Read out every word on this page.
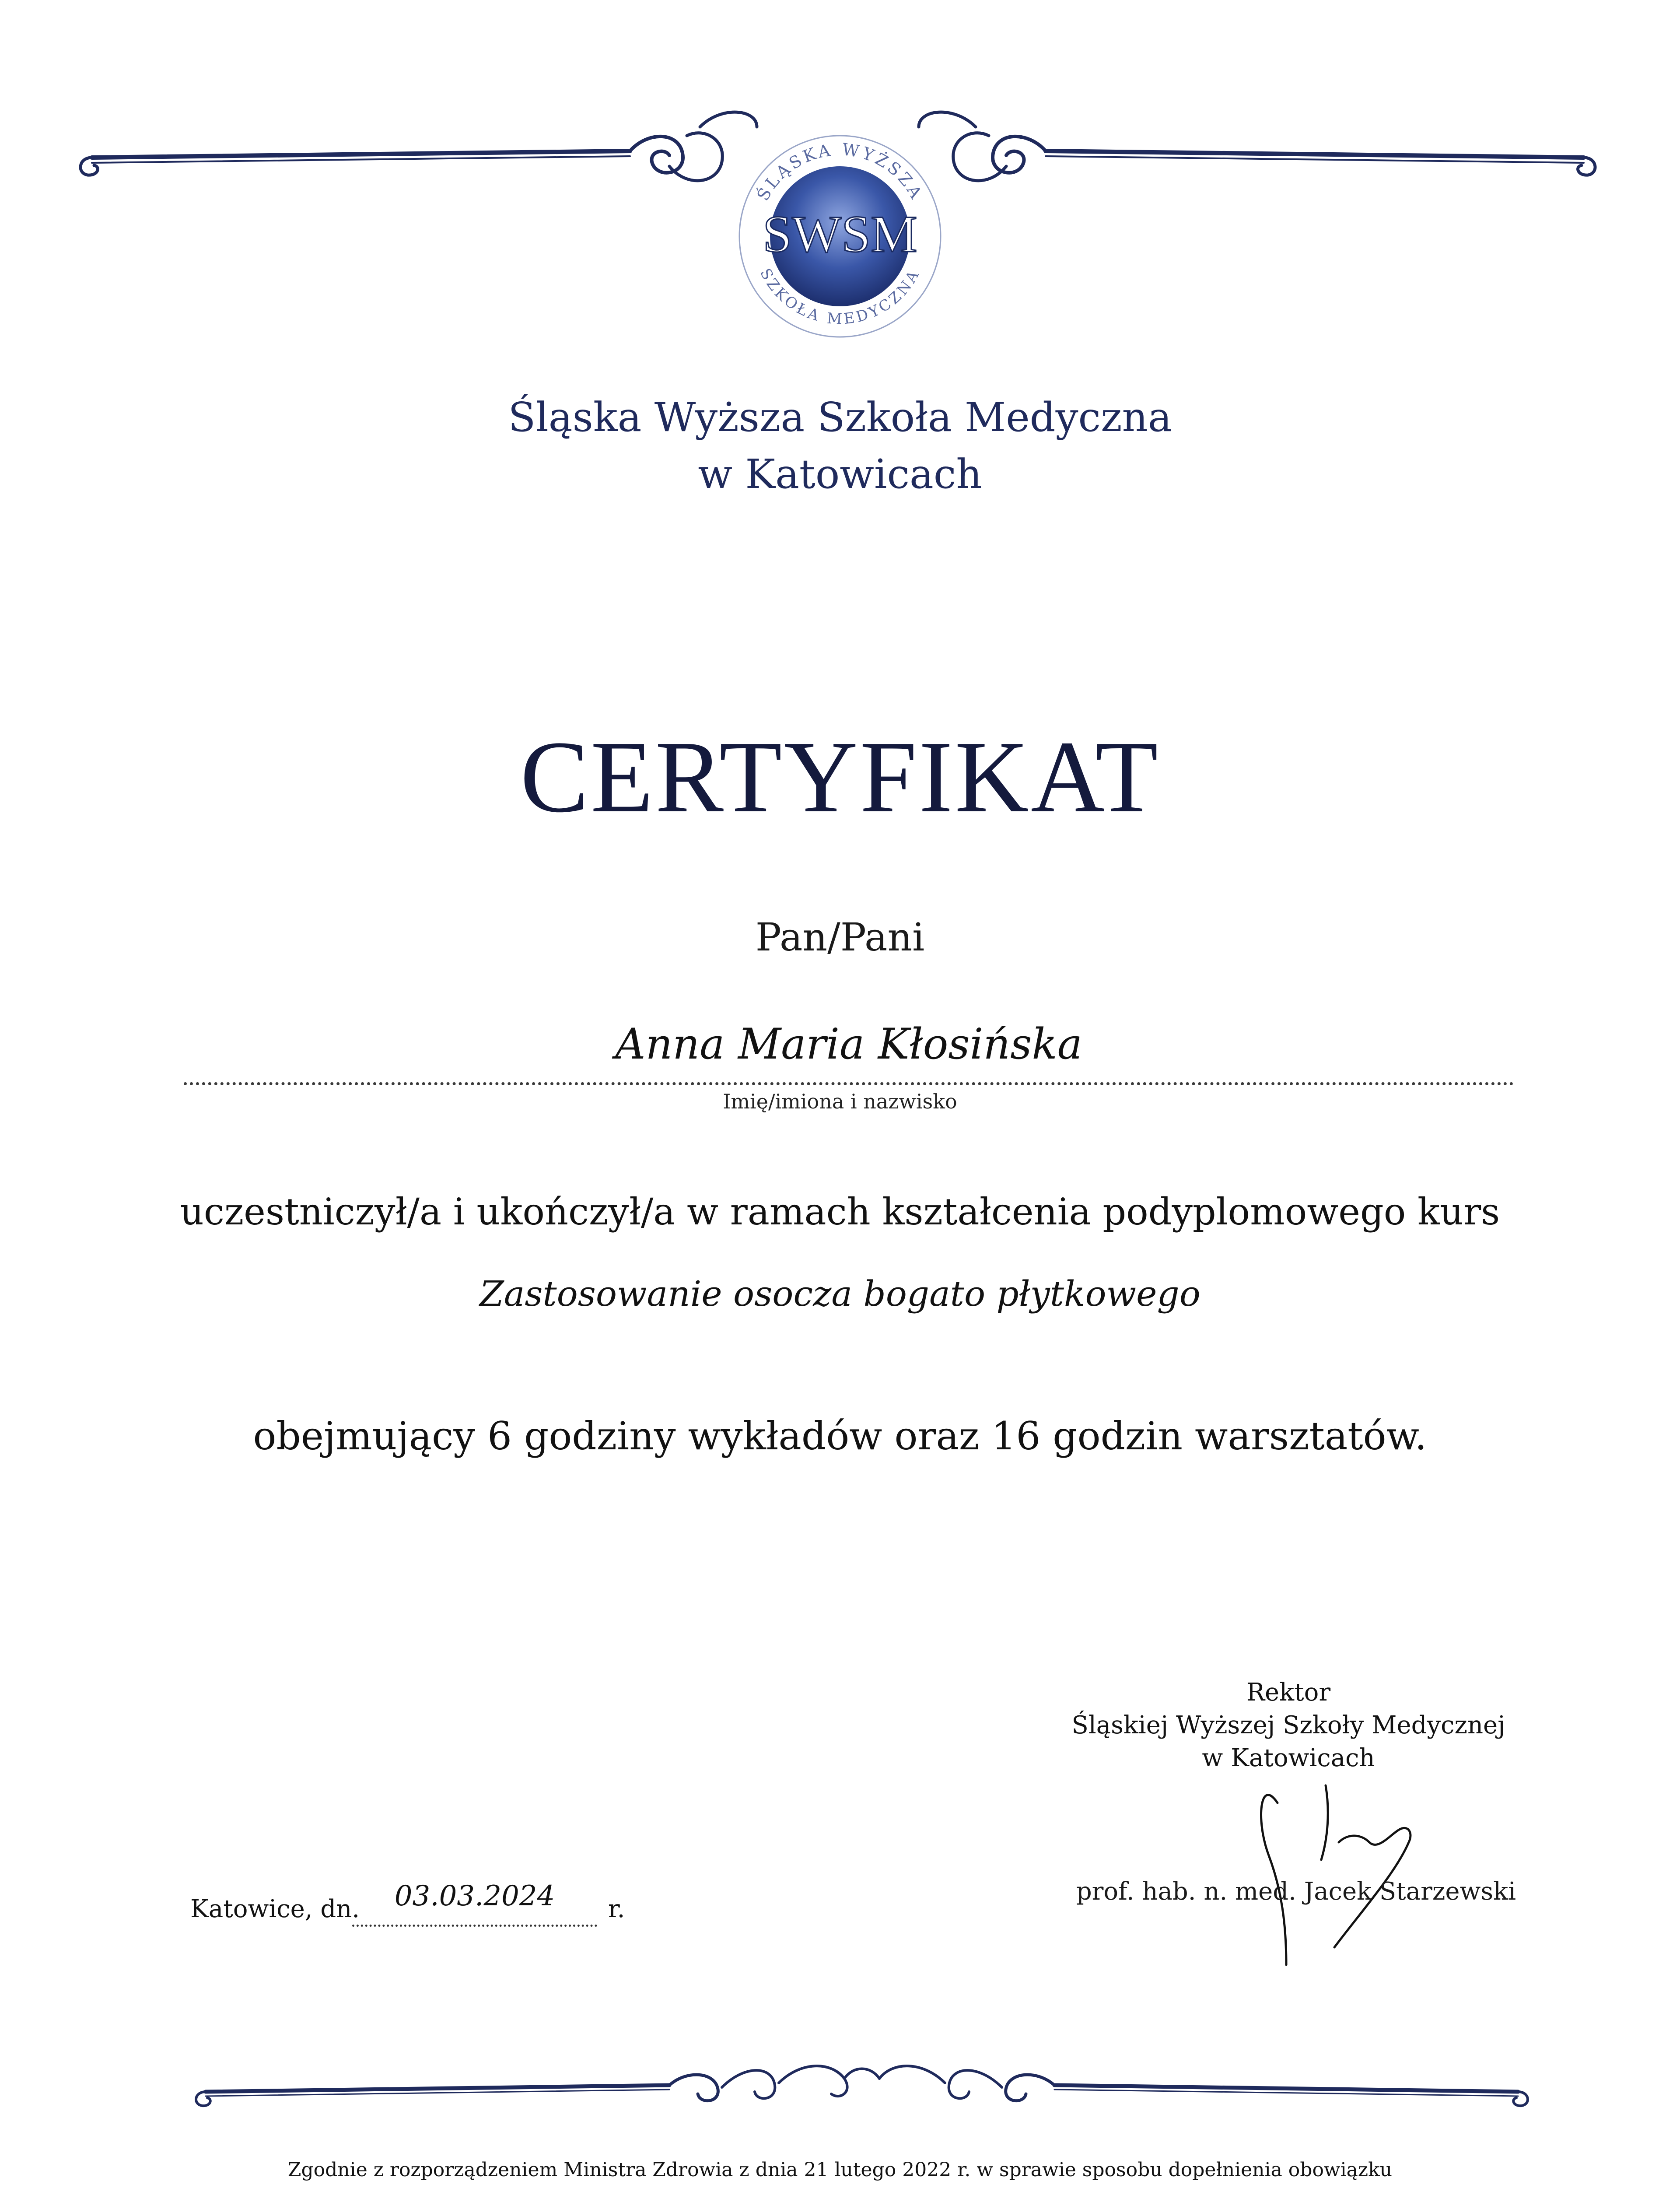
ŚLĄSKA WYŻSZA
SZKOŁA MEDYCZNA
SWSM
Śląska Wyższa Szkoła Medyczna
w Katowicach
CERTYFIKAT
Pan/Pani
Anna Maria Kłosińska
Imię/imiona i nazwisko
uczestniczył/a i ukończył/a w ramach kształcenia podyplomowego kurs
Zastosowanie osocza bogato płytkowego
obejmujący 6 godziny wykładów oraz 16 godzin warsztatów.
Rektor
Śląskiej Wyższej Szkoły Medycznej
w Katowicach
prof. hab. n. med. Jacek Starzewski
Katowice, dn.	03.03.2024	r.
Zgodnie z rozporządzeniem Ministra Zdrowia z dnia 21 lutego 2022 r. w sprawie sposobu dopełnienia obowiązku
